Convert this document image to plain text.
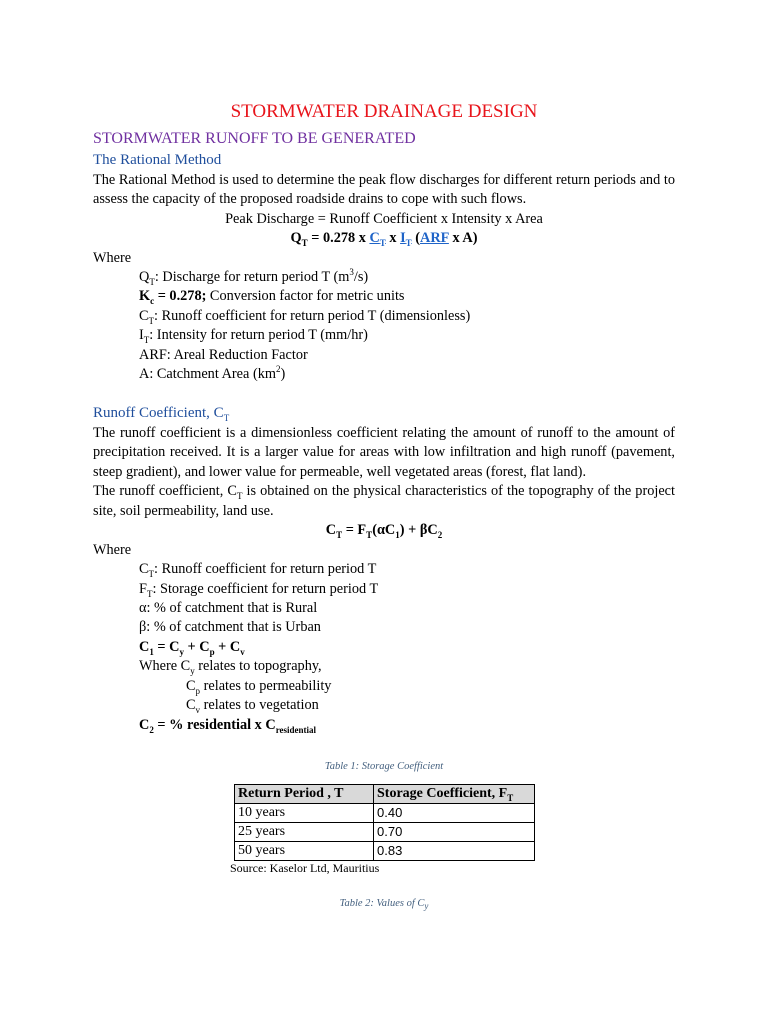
STORMWATER DRAINAGE DESIGN
STORMWATER RUNOFF TO BE GENERATED
The Rational Method
The Rational Method is used to determine the peak flow discharges for different return periods and to assess the capacity of the proposed roadside drains to cope with such flows.
Peak Discharge = Runoff Coefficient x Intensity x Area
$Q_T = 0.278$ x $C_T$ x $I_T$ (ARF x A)
Where
$Q_T$: Discharge for return period T $(m^3/s)$
$K_c = 0.278$; Conversion factor for metric units
$C_T$: Runoff coefficient for return period T (dimensionless)
$I_T$: Intensity for return period T (mm/hr)
ARF: Areal Reduction Factor
A: Catchment Area $(km^2)$
Runoff Coefficient, $C_T$
The runoff coefficient is a dimensionless coefficient relating the amount of runoff to the amount of precipitation received. It is a larger value for areas with low infiltration and high runoff (pavement, steep gradient), and lower value for permeable, well vegetated areas (forest, flat land).
The runoff coefficient, $C_T$ is obtained on the physical characteristics of the topography of the project site, soil permeability, land use.
$C_T = F_T(\alpha C_1) + \beta C_2$
Where
$C_T$: Runoff coefficient for return period T
$F_T$: Storage coefficient for return period T
α: % of catchment that is Rural
β: % of catchment that is Urban
$C_1 = C_y + C_p + C_v$
Where $C_y$ relates to topography,
$C_p$ relates to permeability
$C_v$ relates to vegetation
$C_2$ = % residential x $C_{residential}$
Table 1: Storage Coefficient
Return Period , T	Storage Coefficient, $F_T$
10 years	0.40
25 years	0.70
50 years	0.83
Source: Kaselor Ltd, Mauritius
Table 2: Values of $C_y$
